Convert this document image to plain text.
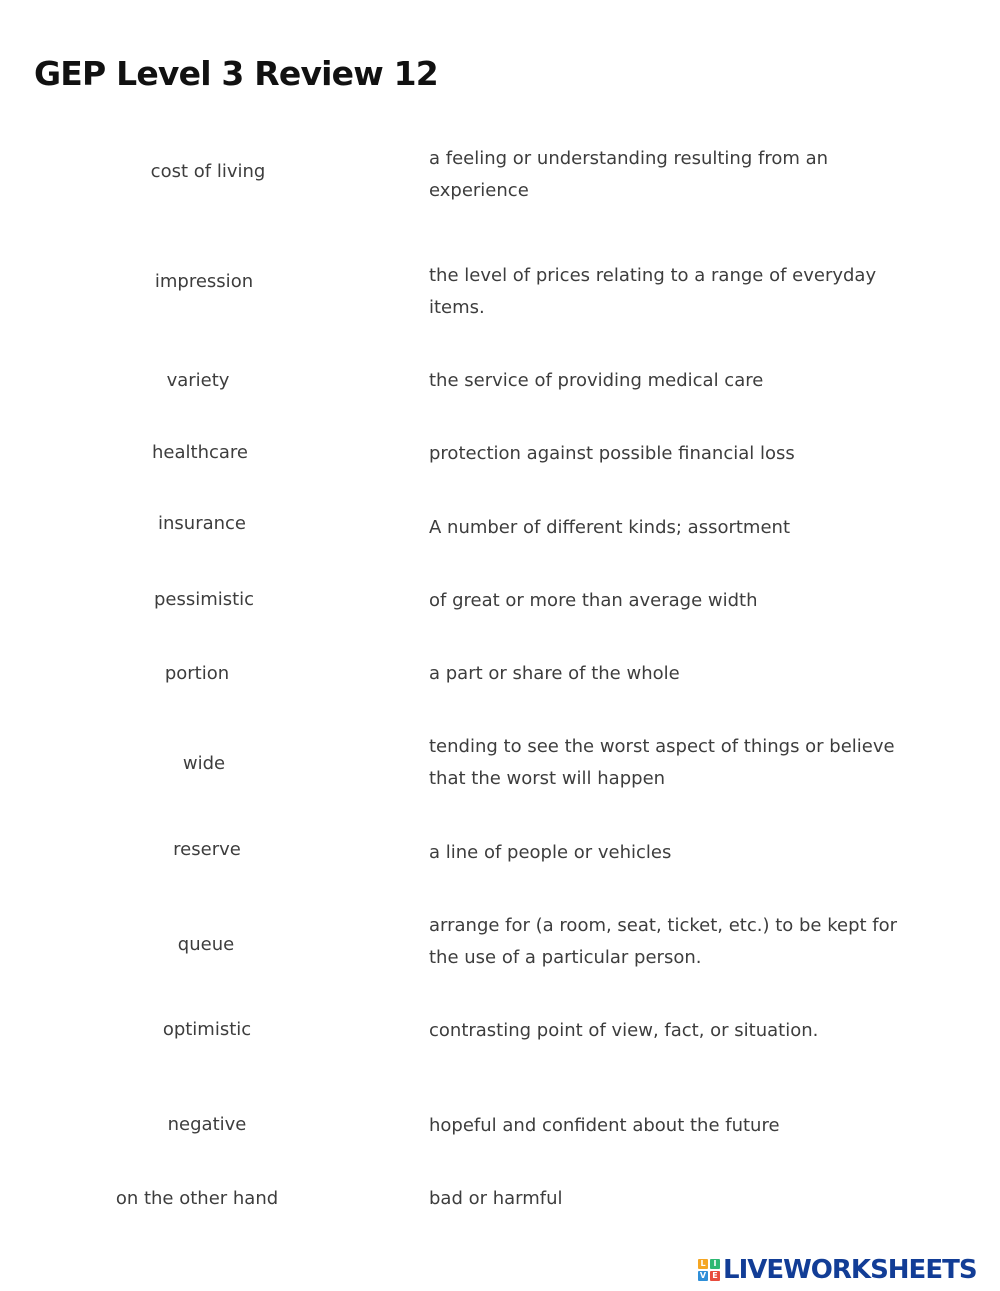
GEP Level 3 Review 12
cost of living
impression
variety
healthcare
insurance
pessimistic
portion
wide
reserve
queue
optimistic
negative
on the other hand
a feeling or understanding resulting from an experience
the level of prices relating to a range of everyday items.
the service of providing medical care
protection against possible financial loss
A number of different kinds; assortment
of great or more than average width
a part or share of the whole
tending to see the worst aspect of things or believe that the worst will happen
a line of people or vehicles
arrange for (a room, seat, ticket, etc.) to be kept for the use of a particular person.
contrasting point of view, fact, or situation.
hopeful and confident about the future
bad or harmful
L I
V E LIVEWORKSHEETS
